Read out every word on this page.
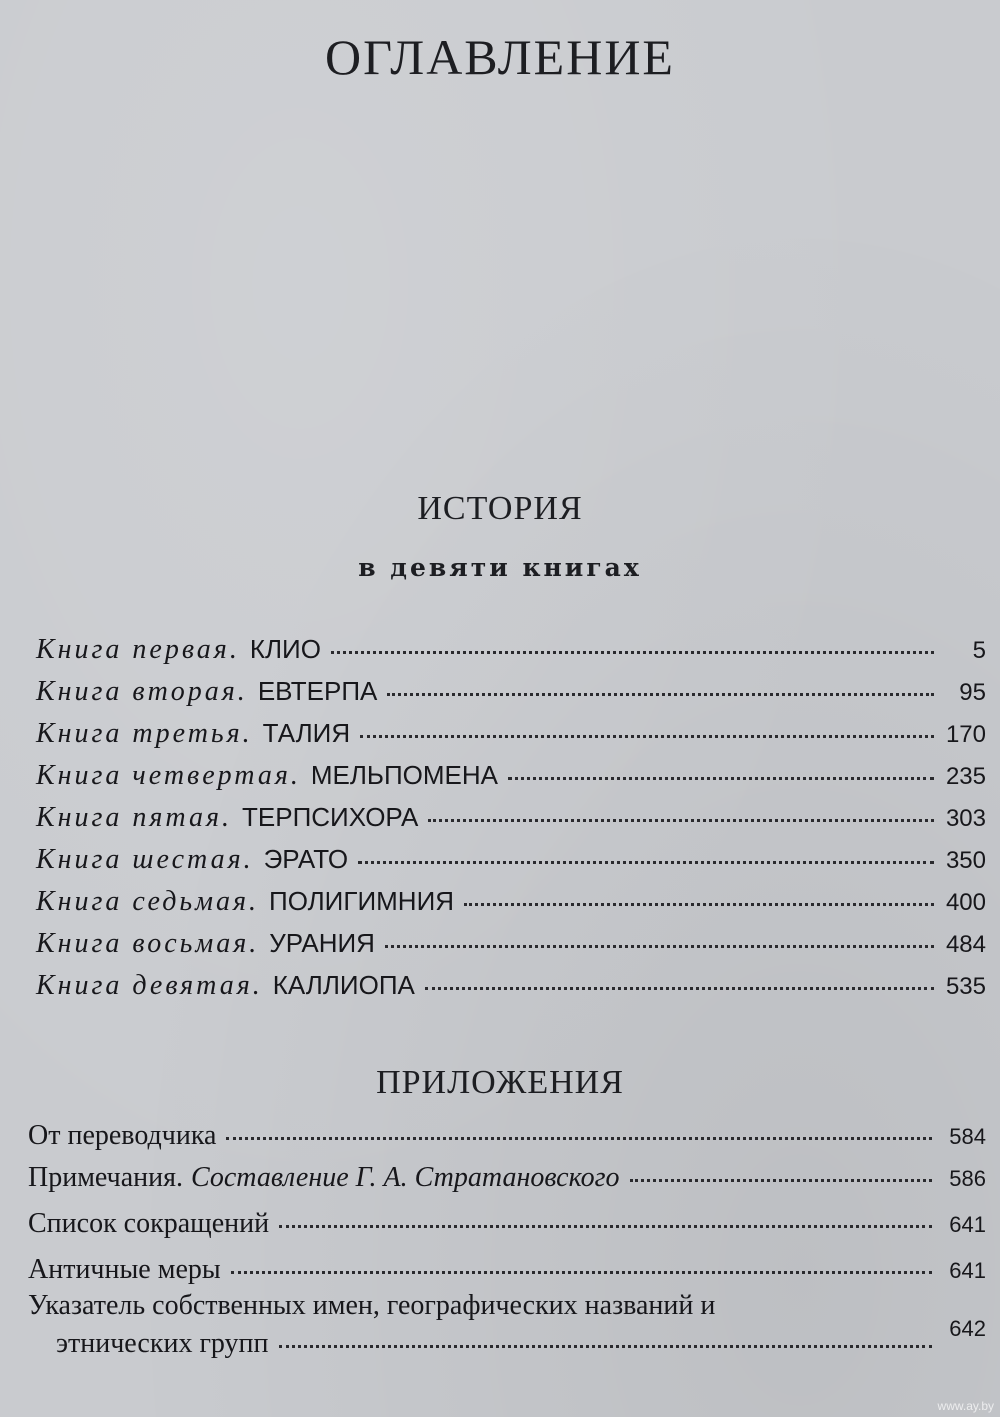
ОГЛАВЛЕНИЕ
ИСТОРИЯ
в девяти книгах
Книга первая. КЛИО	5
Книга вторая. ЕВТЕРПА	95
Книга третья. ТАЛИЯ	170
Книга четвертая. МЕЛЬПОМЕНА	235
Книга пятая. ТЕРПСИХОРА	303
Книга шестая. ЭРАТО	350
Книга седьмая. ПОЛИГИМНИЯ	400
Книга восьмая. УРАНИЯ	484
Книга девятая. КАЛЛИОПА	535
ПРИЛОЖЕНИЯ
От переводчика	584
Примечания. Составление Г. А. Стратановского	586
Список сокращений	641
Античные меры	641
Указатель собственных имен, географических названий и
этнических групп	642
www.ay.by
